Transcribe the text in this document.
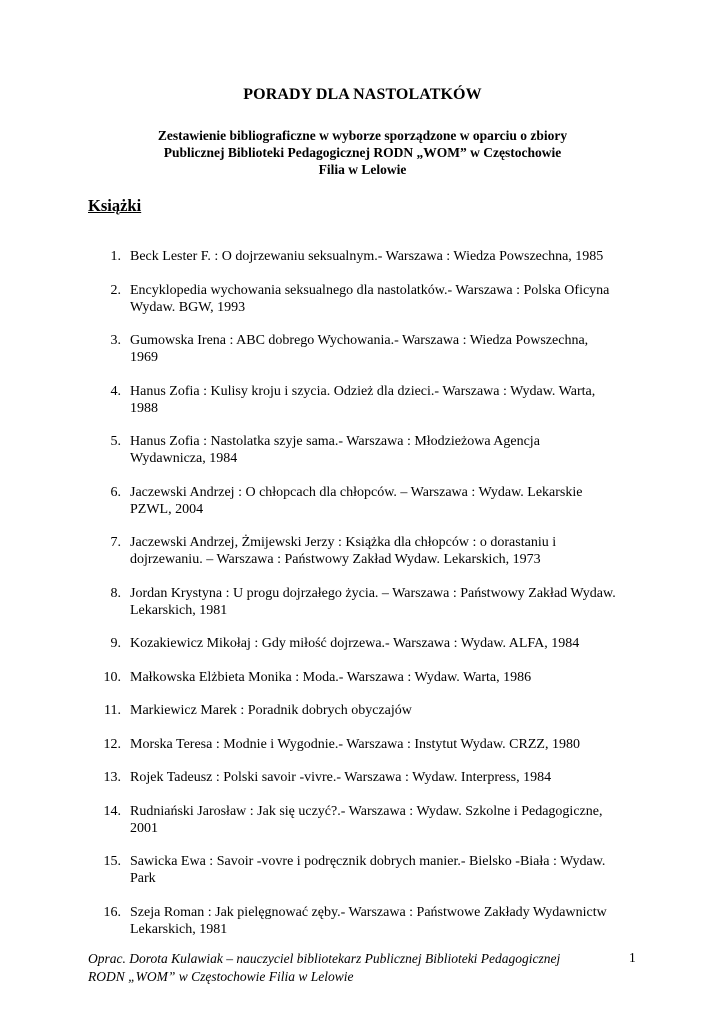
PORADY DLA NASTOLATKÓW
Zestawienie bibliograficzne w wyborze sporządzone w oparciu o zbiory
Publicznej Biblioteki Pedagogicznej RODN „WOM” w Częstochowie
Filia w Lelowie
Książki
1. Beck Lester F. : O dojrzewaniu seksualnym.- Warszawa : Wiedza Powszechna, 1985
2. Encyklopedia wychowania seksualnego dla nastolatków.- Warszawa : Polska Oficyna
Wydaw. BGW, 1993
3. Gumowska Irena : ABC dobrego Wychowania.- Warszawa : Wiedza Powszechna,
1969
4. Hanus Zofia : Kulisy kroju i szycia. Odzież dla dzieci.- Warszawa : Wydaw. Warta,
1988
5. Hanus Zofia : Nastolatka szyje sama.- Warszawa : Młodzieżowa Agencja
Wydawnicza, 1984
6. Jaczewski Andrzej : O chłopcach dla chłopców. – Warszawa : Wydaw. Lekarskie
PZWL, 2004
7. Jaczewski Andrzej, Żmijewski Jerzy : Książka dla chłopców : o dorastaniu i
dojrzewaniu. – Warszawa : Państwowy Zakład Wydaw. Lekarskich, 1973
8. Jordan Krystyna : U progu dojrzałego życia. – Warszawa : Państwowy Zakład Wydaw.
Lekarskich, 1981
9. Kozakiewicz Mikołaj : Gdy miłość dojrzewa.- Warszawa : Wydaw. ALFA, 1984
10. Małkowska Elżbieta Monika : Moda.- Warszawa : Wydaw. Warta, 1986
11. Markiewicz Marek : Poradnik dobrych obyczajów
12. Morska Teresa : Modnie i Wygodnie.- Warszawa : Instytut Wydaw. CRZZ, 1980
13. Rojek Tadeusz : Polski savoir -vivre.- Warszawa : Wydaw. Interpress, 1984
14. Rudniański Jarosław : Jak się uczyć?.- Warszawa : Wydaw. Szkolne i Pedagogiczne,
2001
15. Sawicka Ewa : Savoir -vovre i podręcznik dobrych manier.- Bielsko -Biała : Wydaw.
Park
16. Szeja Roman : Jak pielęgnować zęby.- Warszawa : Państwowe Zakłady Wydawnictw
Lekarskich, 1981
Oprac. Dorota Kulawiak – nauczyciel bibliotekarz Publicznej Biblioteki Pedagogicznej
RODN „WOM” w Częstochowie Filia w Lelowie
1
